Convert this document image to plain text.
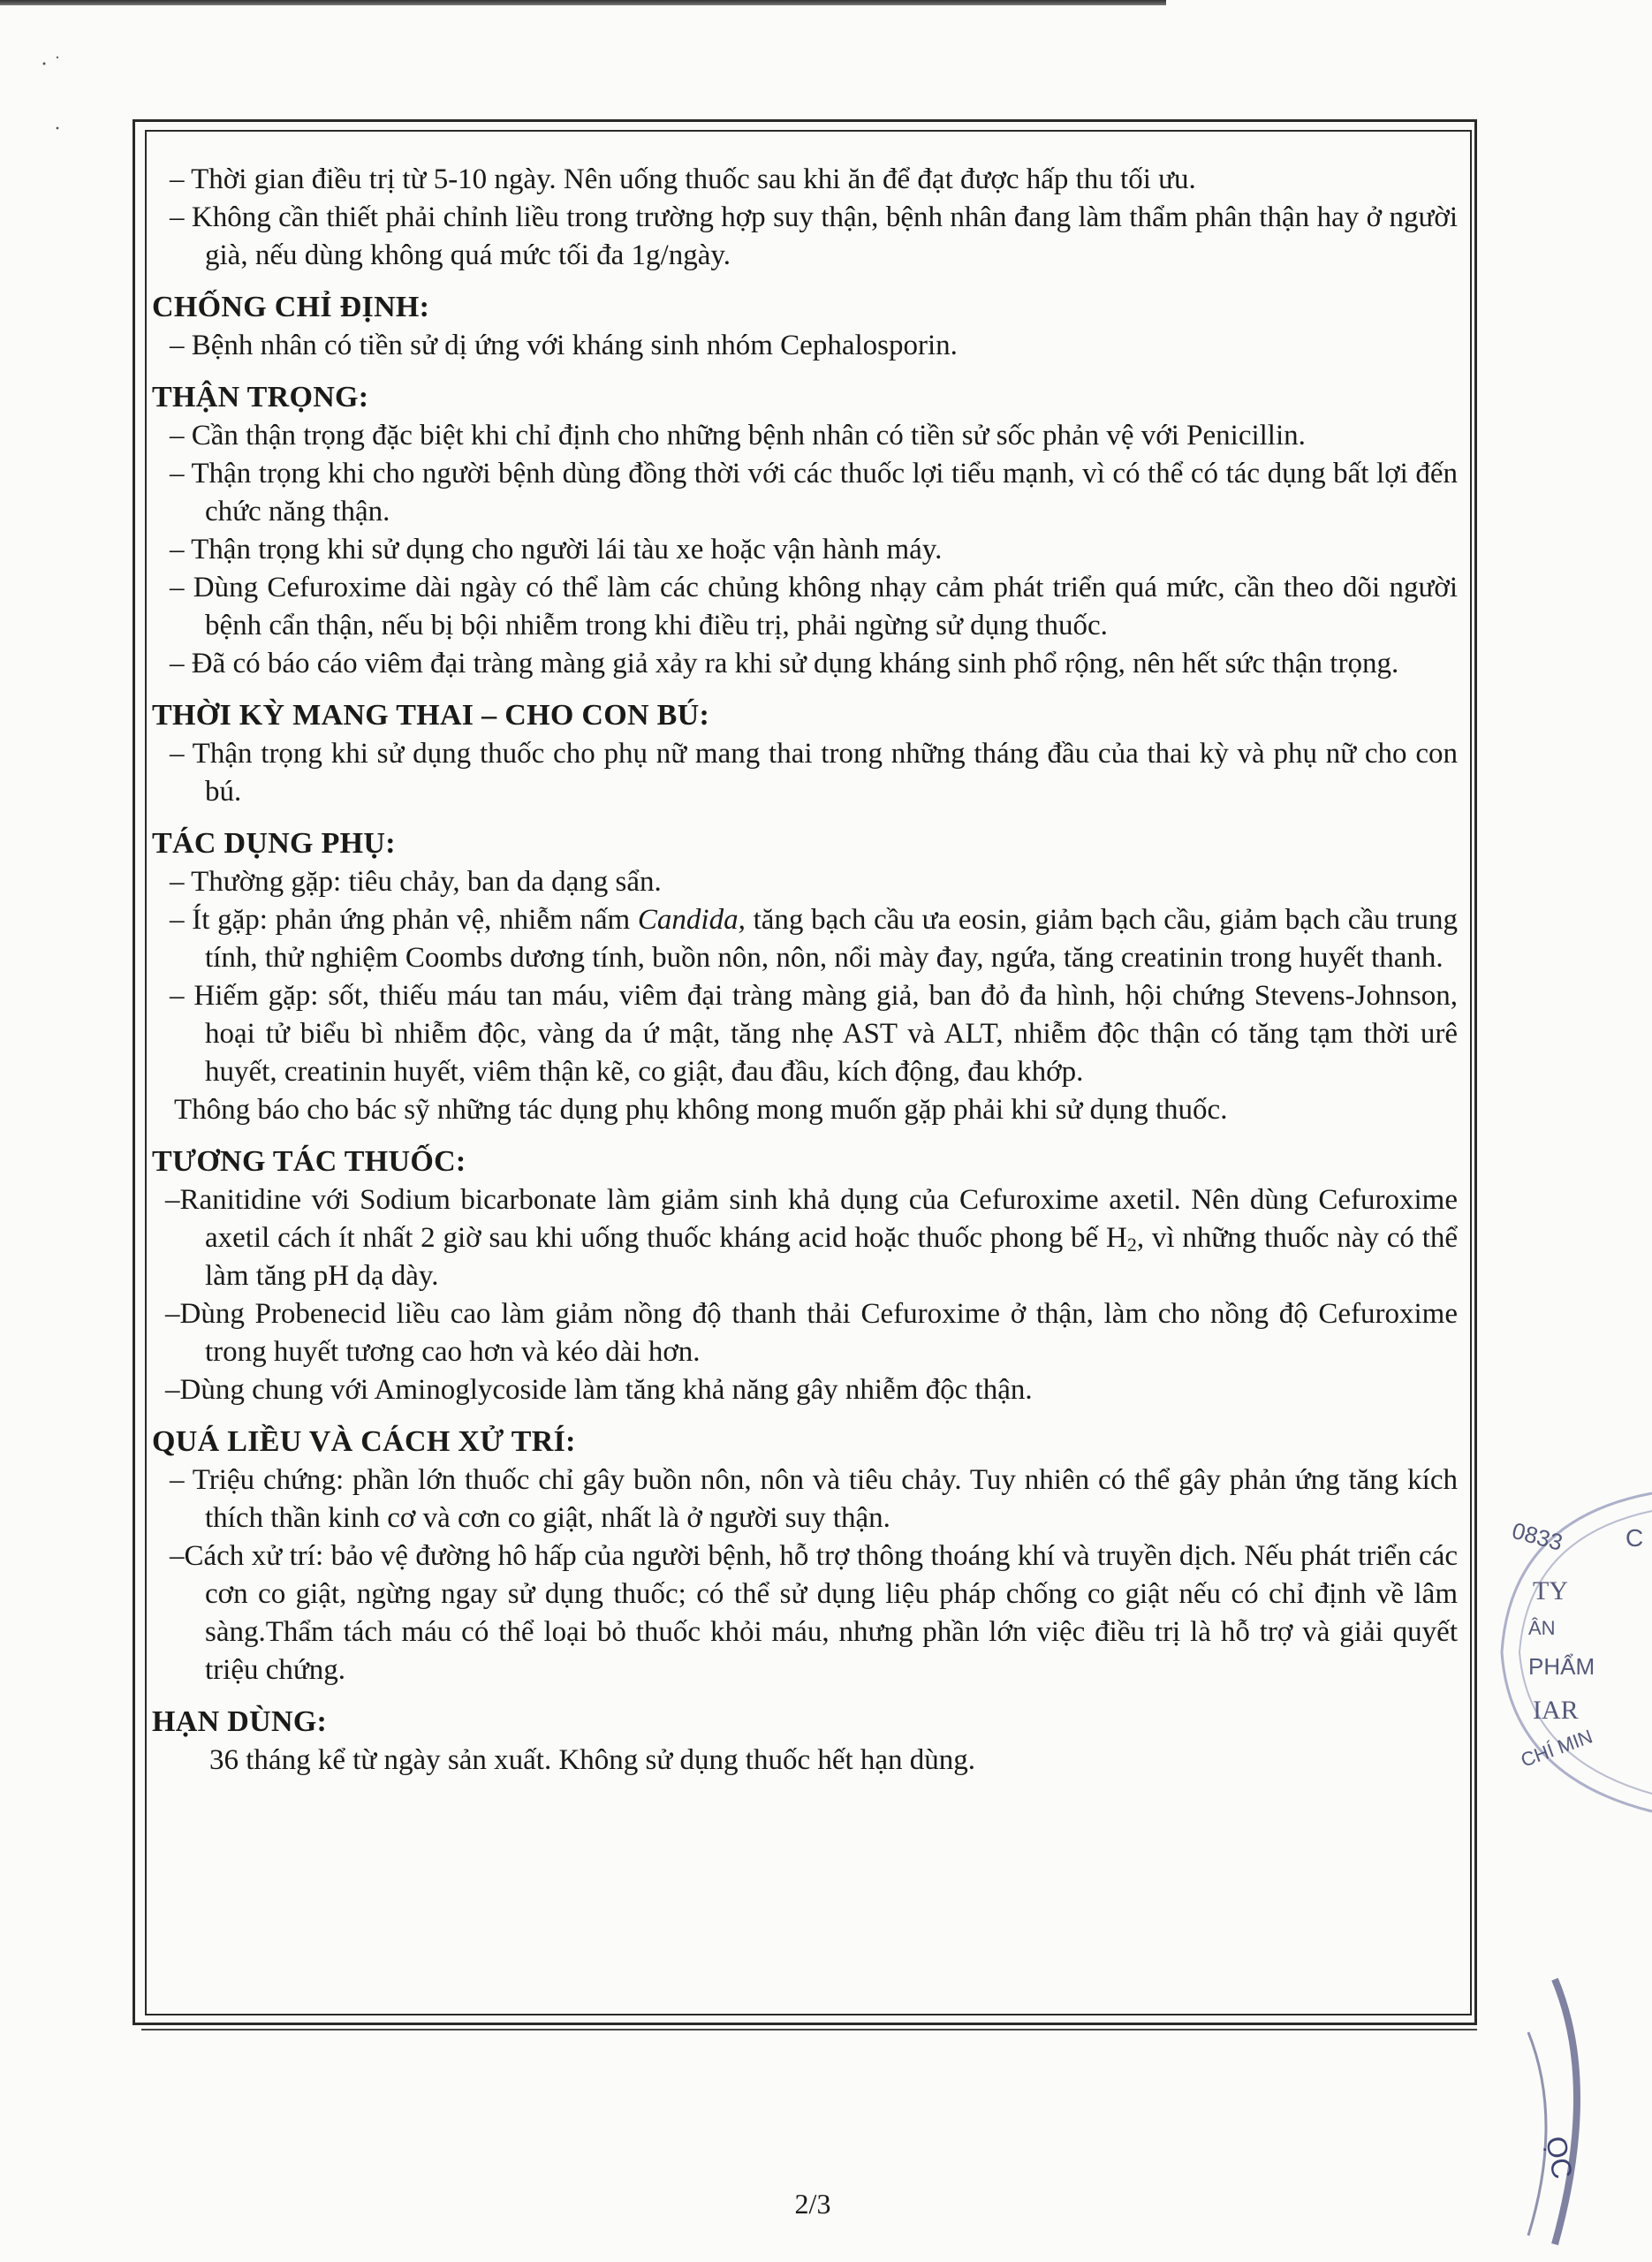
– Thời gian điều trị từ 5-10 ngày. Nên uống thuốc sau khi ăn để đạt được hấp thu tối ưu.
– Không cần thiết phải chỉnh liều trong trường hợp suy thận, bệnh nhân đang làm thẩm phân thận hay ở người già, nếu dùng không quá mức tối đa 1g/ngày.
CHỐNG CHỈ ĐỊNH:
– Bệnh nhân có tiền sử dị ứng với kháng sinh nhóm Cephalosporin.
THẬN TRỌNG:
– Cần thận trọng đặc biệt khi chỉ định cho những bệnh nhân có tiền sử sốc phản vệ với Penicillin.
– Thận trọng khi cho người bệnh dùng đồng thời với các thuốc lợi tiểu mạnh, vì có thể có tác dụng bất lợi đến chức năng thận.
– Thận trọng khi sử dụng cho người lái tàu xe hoặc vận hành máy.
– Dùng Cefuroxime dài ngày có thể làm các chủng không nhạy cảm phát triển quá mức, cần theo dõi người bệnh cẩn thận, nếu bị bội nhiễm trong khi điều trị, phải ngừng sử dụng thuốc.
– Đã có báo cáo viêm đại tràng màng giả xảy ra khi sử dụng kháng sinh phổ rộng, nên hết sức thận trọng.
THỜI KỲ MANG THAI – CHO CON BÚ:
– Thận trọng khi sử dụng thuốc cho phụ nữ mang thai trong những tháng đầu của thai kỳ và phụ nữ cho con bú.
TÁC DỤNG PHỤ:
– Thường gặp: tiêu chảy, ban da dạng sẩn.
– Ít gặp: phản ứng phản vệ, nhiễm nấm Candida, tăng bạch cầu ưa eosin, giảm bạch cầu, giảm bạch cầu trung tính, thử nghiệm Coombs dương tính, buồn nôn, nôn, nổi mày đay, ngứa, tăng creatinin trong huyết thanh.
– Hiếm gặp: sốt, thiếu máu tan máu, viêm đại tràng màng giả, ban đỏ đa hình, hội chứng Stevens-Johnson, hoại tử biểu bì nhiễm độc, vàng da ứ mật, tăng nhẹ AST và ALT, nhiễm độc thận có tăng tạm thời urê huyết, creatinin huyết, viêm thận kẽ, co giật, đau đầu, kích động, đau khớp.
Thông báo cho bác sỹ những tác dụng phụ không mong muốn gặp phải khi sử dụng thuốc.
TƯƠNG TÁC THUỐC:
–Ranitidine với Sodium bicarbonate làm giảm sinh khả dụng của Cefuroxime axetil. Nên dùng Cefuroxime axetil cách ít nhất 2 giờ sau khi uống thuốc kháng acid hoặc thuốc phong bế $H_2$, vì những thuốc này có thể làm tăng pH dạ dày.
–Dùng Probenecid liều cao làm giảm nồng độ thanh thải Cefuroxime ở thận, làm cho nồng độ Cefuroxime trong huyết tương cao hơn và kéo dài hơn.
–Dùng chung với Aminoglycoside làm tăng khả năng gây nhiễm độc thận.
QUÁ LIỀU VÀ CÁCH XỬ TRÍ:
– Triệu chứng: phần lớn thuốc chỉ gây buồn nôn, nôn và tiêu chảy. Tuy nhiên có thể gây phản ứng tăng kích thích thần kinh cơ và cơn co giật, nhất là ở người suy thận.
–Cách xử trí: bảo vệ đường hô hấp của người bệnh, hỗ trợ thông thoáng khí và truyền dịch. Nếu phát triển các cơn co giật, ngừng ngay sử dụng thuốc; có thể sử dụng liệu pháp chống co giật nếu có chỉ định về lâm sàng.Thẩm tách máu có thể loại bỏ thuốc khỏi máu, nhưng phần lớn việc điều trị là hỗ trợ và giải quyết triệu chứng.
HẠN DÙNG:
36 tháng kể từ ngày sản xuất. Không sử dụng thuốc hết hạn dùng.
2/3
0833 C
TY
ÂN
PHẨM
IAR
CHÍ MIN
ỌC
